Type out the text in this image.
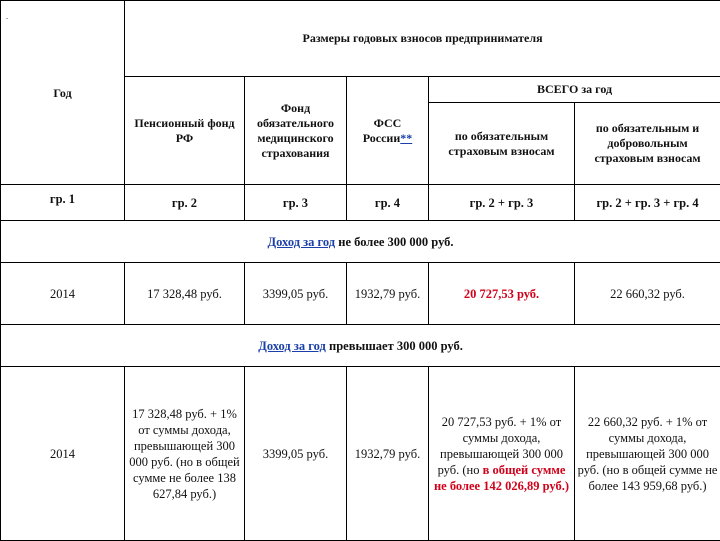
.
Год	Размеры годовых взносов предпринимателя				
	Пенсионный фонд РФ	Фонд обязательного медицинского страхования	ФСС России**	ВСЕГО за год	
				по обязательным страховым взносам	по обязательным и добровольным страховым взносам
гр. 1	гр. 2	гр. 3	гр. 4	гр. 2 + гр. 3	гр. 2 + гр. 3 + гр. 4
Доход за год не более 300 000 руб.					
2014	17 328,48 руб.	3399,05 руб.	1932,79 руб.	20 727,53 руб.	22 660,32 руб.
Доход за год превышает 300 000 руб.					
2014	17 328,48 руб. + 1% от суммы дохода, превышающей 300 000 руб. (но в общей сумме не более 138 627,84 руб.)	3399,05 руб.	1932,79 руб.	20 727,53 руб. + 1% от суммы дохода, превышающей 300 000 руб. (но в общей сумме не более 142 026,89 руб.)	22 660,32 руб. + 1% от суммы дохода, превышающей 300 000 руб. (но в общей сумме не более 143 959,68 руб.)
